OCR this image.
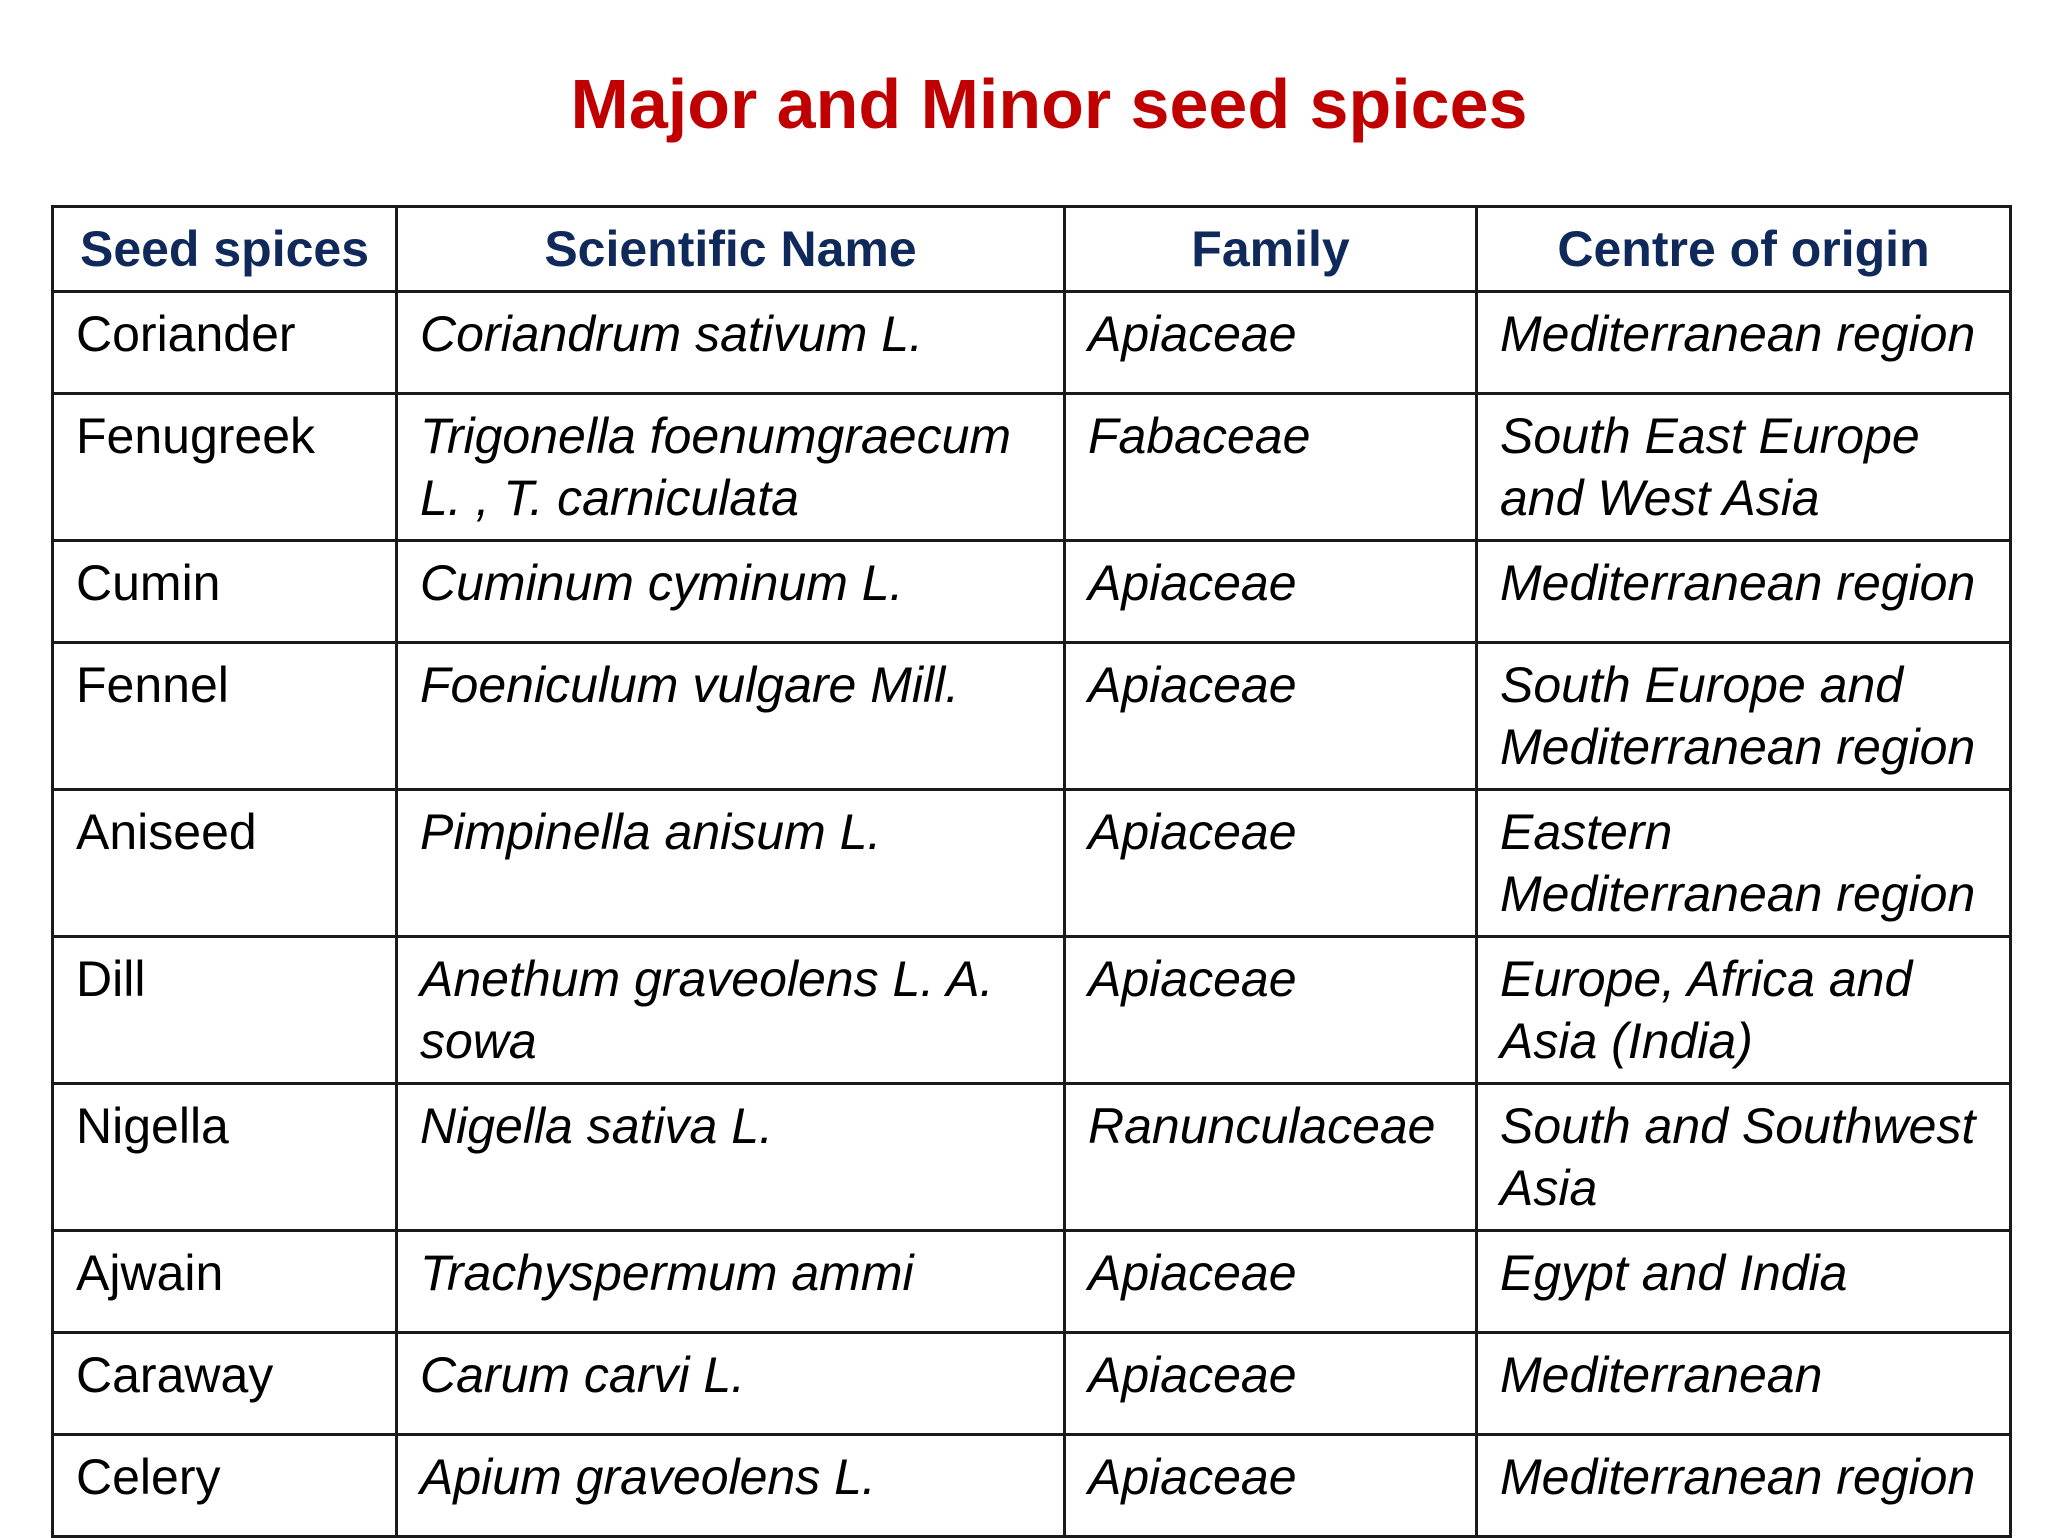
Major and Minor seed spices
Seed spices	Scientific Name	Family	Centre of origin
Coriander	Coriandrum sativum L.	Apiaceae	Mediterranean region
Fenugreek	Trigonella foenumgraecum L. , T. carniculata	Fabaceae	South East Europe and West Asia
Cumin	Cuminum cyminum L.	Apiaceae	Mediterranean region
Fennel	Foeniculum vulgare Mill.	Apiaceae	South Europe and Mediterranean region
Aniseed	Pimpinella anisum L.	Apiaceae	Eastern Mediterranean region
Dill	Anethum graveolens L. A. sowa	Apiaceae	Europe, Africa and Asia (India)
Nigella	Nigella sativa L.	Ranunculaceae	South and Southwest Asia
Ajwain	Trachyspermum ammi	Apiaceae	Egypt and India
Caraway	Carum carvi L.	Apiaceae	Mediterranean
Celery	Apium graveolens L.	Apiaceae	Mediterranean region
